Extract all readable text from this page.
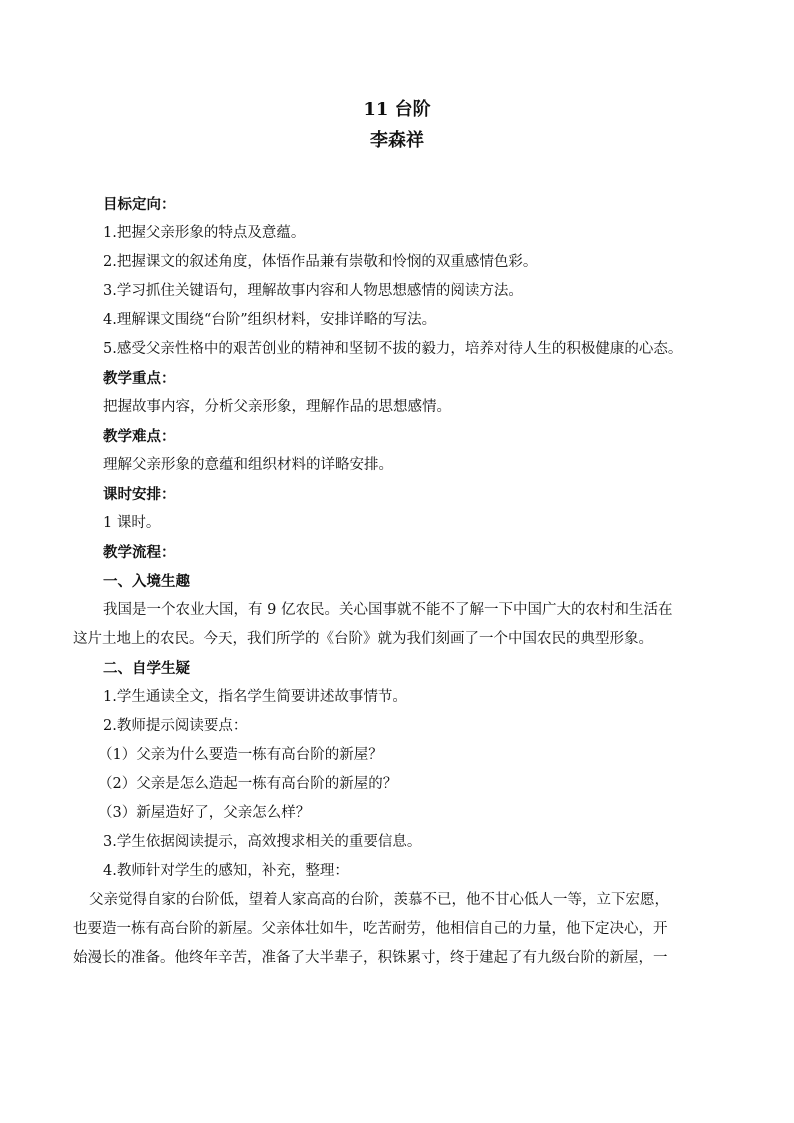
11 台阶
李森祥
目标定向：
1.把握父亲形象的特点及意蕴。
2.把握课文的叙述角度，体悟作品兼有崇敬和怜悯的双重感情色彩。
3.学习抓住关键语句，理解故事内容和人物思想感情的阅读方法。
4.理解课文围绕“台阶”组织材料，安排详略的写法。
5.感受父亲性格中的艰苦创业的精神和坚韧不拔的毅力，培养对待人生的积极健康的心态。
教学重点：
把握故事内容，分析父亲形象，理解作品的思想感情。
教学难点：
理解父亲形象的意蕴和组织材料的详略安排。
课时安排：
1 课时。
教学流程：
一、入境生趣
我国是一个农业大国，有 9 亿农民。关心国事就不能不了解一下中国广大的农村和生活在
这片土地上的农民。今天，我们所学的《台阶》就为我们刻画了一个中国农民的典型形象。
二、自学生疑
1.学生通读全文，指名学生简要讲述故事情节。
2.教师提示阅读要点：
（1）父亲为什么要造一栋有高台阶的新屋？
（2）父亲是怎么造起一栋有高台阶的新屋的？
（3）新屋造好了，父亲怎么样？
3.学生依据阅读提示，高效搜求相关的重要信息。
4.教师针对学生的感知，补充，整理：
父亲觉得自家的台阶低，望着人家高高的台阶，羡慕不已，他不甘心低人一等，立下宏愿，
也要造一栋有高台阶的新屋。父亲体壮如牛，吃苦耐劳，他相信自己的力量，他下定决心，开
始漫长的准备。他终年辛苦，准备了大半辈子，积铢累寸，终于建起了有九级台阶的新屋，一
